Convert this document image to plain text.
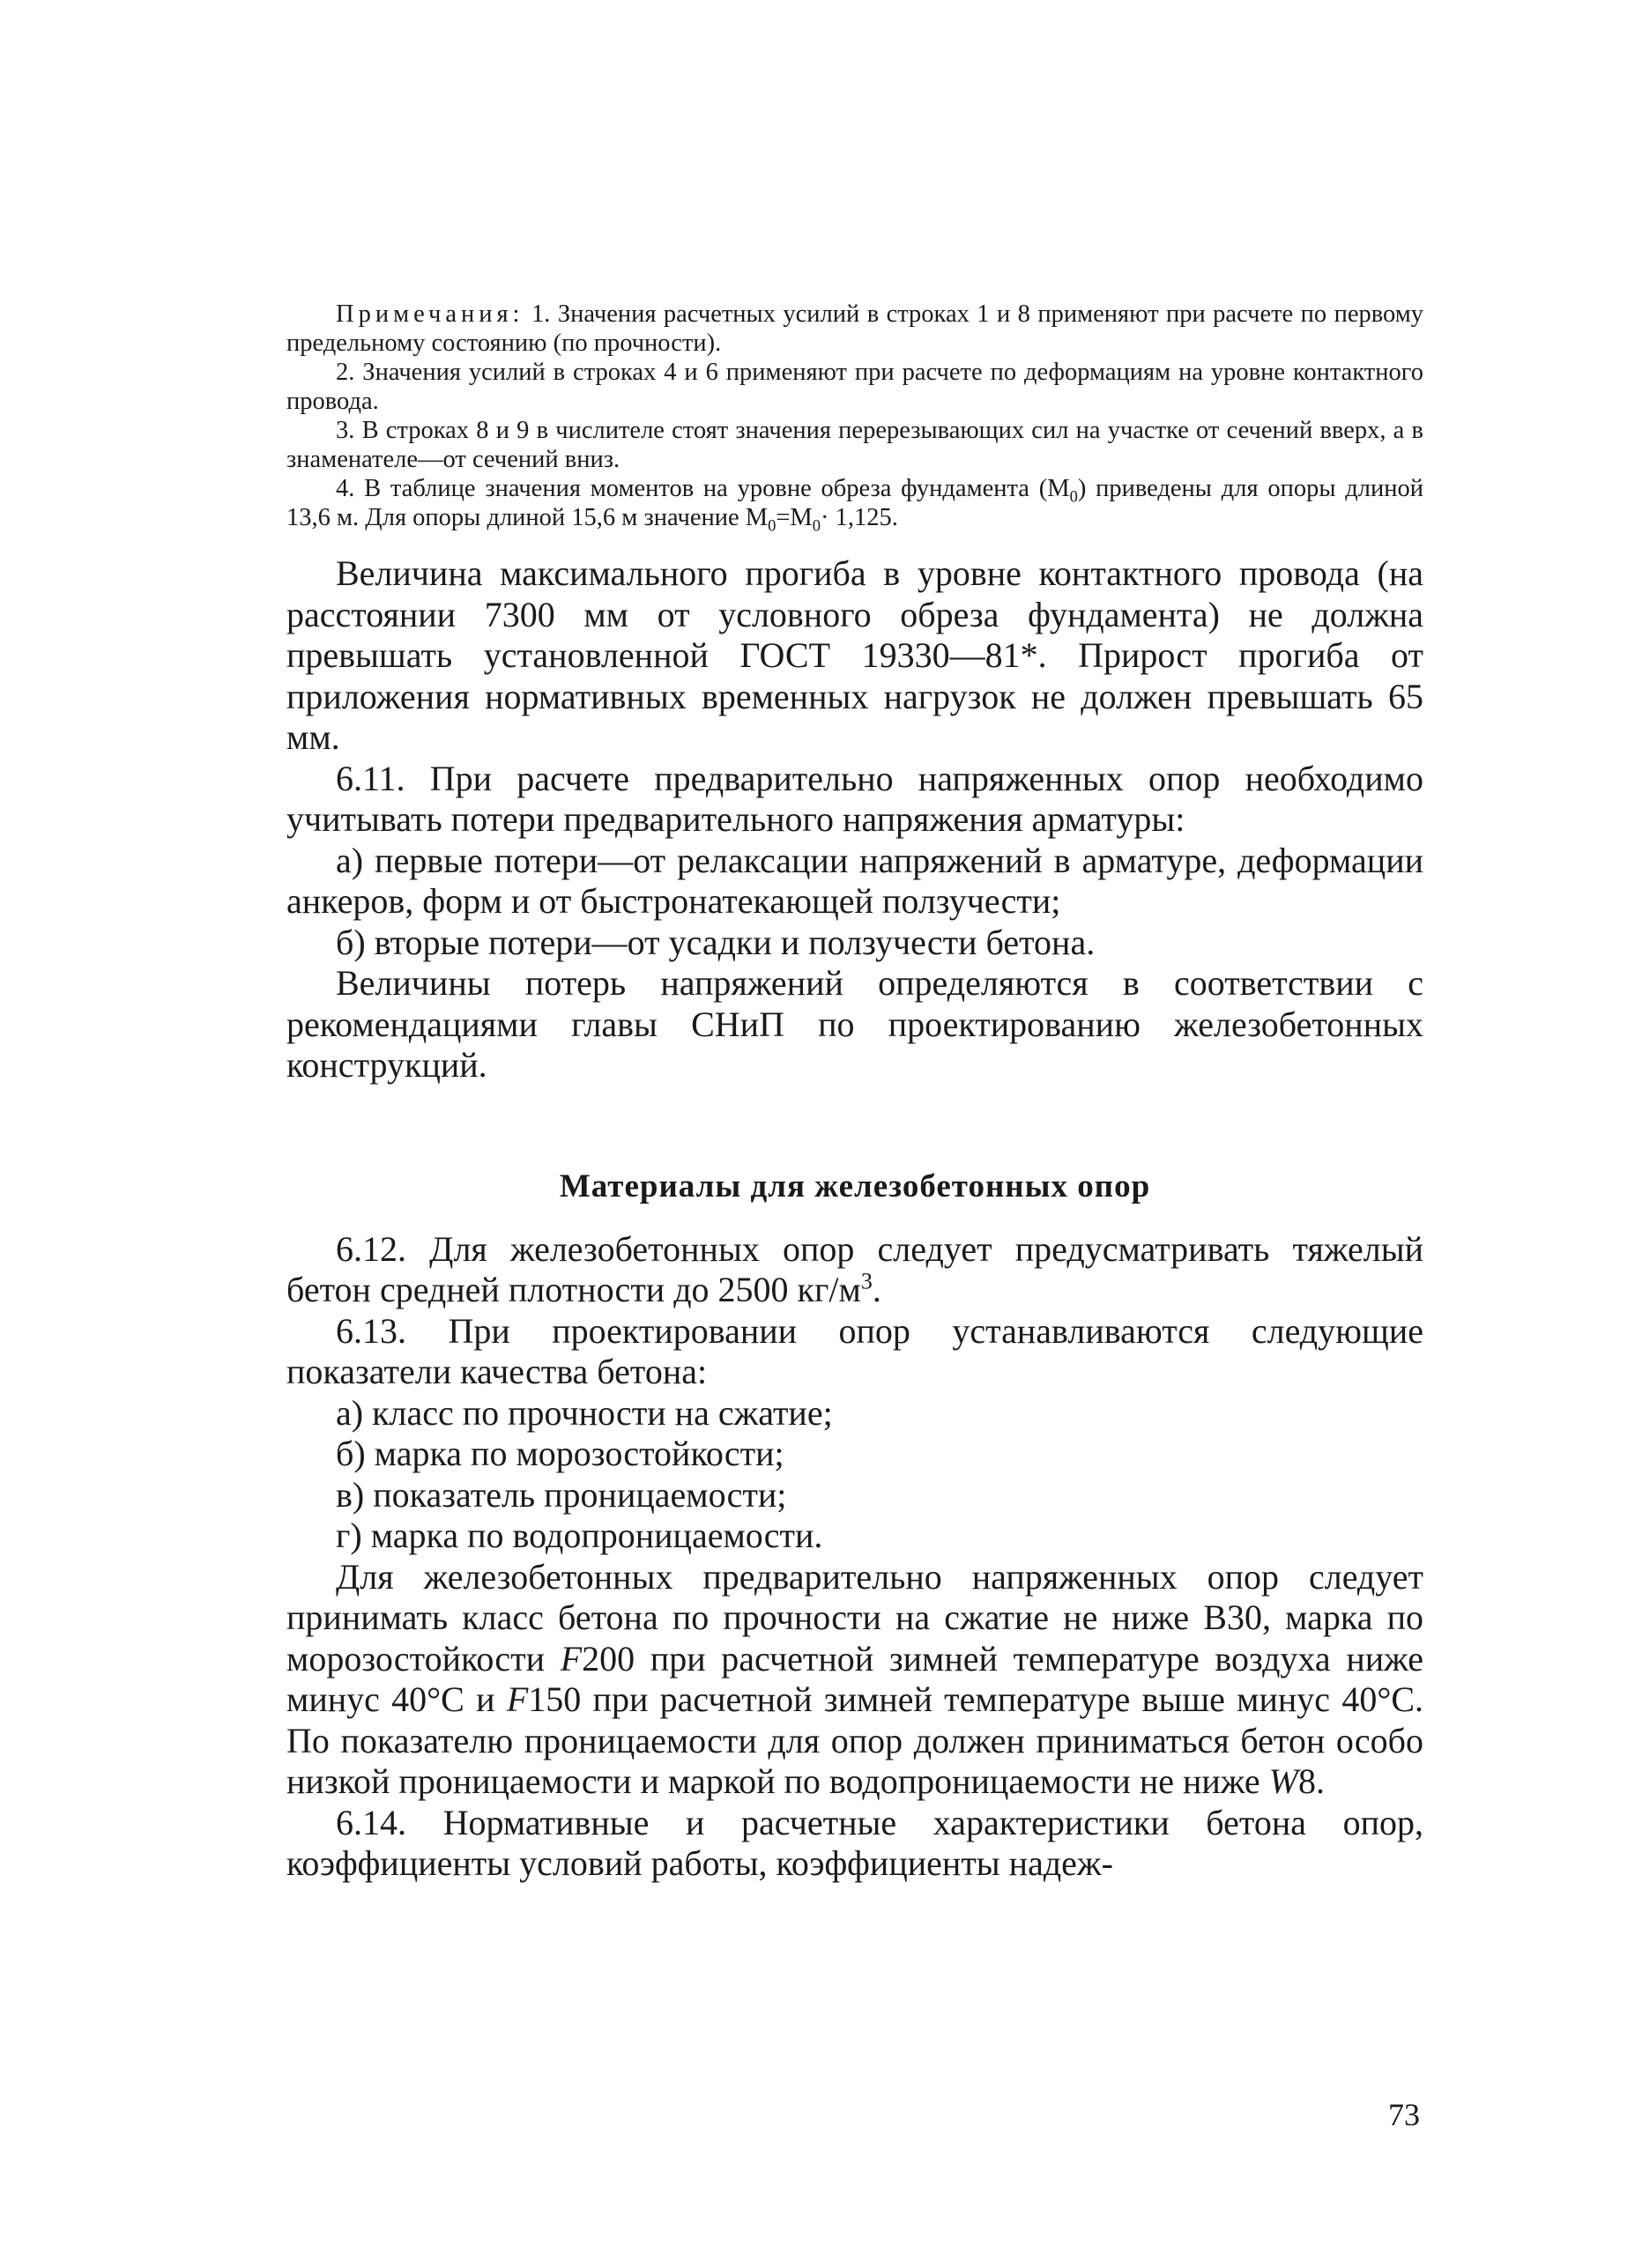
Примечания: 1. Значения расчетных усилий в строках 1 и 8 применяют при расчете по первому предельному состоянию (по прочности).

2. Значения усилий в строках 4 и 6 применяют при расчете по деформациям на уровне контактного провода.

3. В строках 8 и 9 в числителе стоят значения перерезывающих сил на участке от сечений вверх, а в знаменателе—от сечений вниз.

4. В таблице значения моментов на уровне обреза фундамента $(M_0)$ приведены для опоры длиной 13,6 м. Для опоры длиной 15,6 м значение $M_0=M_0\cdot 1,125$.

Величина максимального прогиба в уровне контактного провода (на расстоянии 7300 мм от условного обреза фундамента) не должна превышать установленной ГОСТ 19330—81*. Прирост прогиба от приложения нормативных временных нагрузок не должен превышать 65 мм.

6.11. При расчете предварительно напряженных опор необходимо учитывать потери предварительного напряжения арматуры:

а) первые потери—от релаксации напряжений в арматуре, деформации анкеров, форм и от быстронатекающей ползучести;

б) вторые потери—от усадки и ползучести бетона.

Величины потерь напряжений определяются в соответствии с рекомендациями главы СНиП по проектированию железобетонных конструкций.

Материалы для железобетонных опор

6.12. Для железобетонных опор следует предусматривать тяжелый бетон средней плотности до 2500 $кг/м^3$.

6.13. При проектировании опор устанавливаются следующие показатели качества бетона:

а) класс по прочности на сжатие;

б) марка по морозостойкости;

в) показатель проницаемости;

г) марка по водопроницаемости.

Для железобетонных предварительно напряженных опор следует принимать класс бетона по прочности на сжатие не ниже В30, марка по морозостойкости F200 при расчетной зимней температуре воздуха ниже минус 40°С и F150 при расчетной зимней температуре выше минус 40°С. По показателю проницаемости для опор должен приниматься бетон особо низкой проницаемости и маркой по водопроницаемости не ниже W8.

6.14. Нормативные и расчетные характеристики бетона опор, коэффициенты условий работы, коэффициенты надеж-

73
